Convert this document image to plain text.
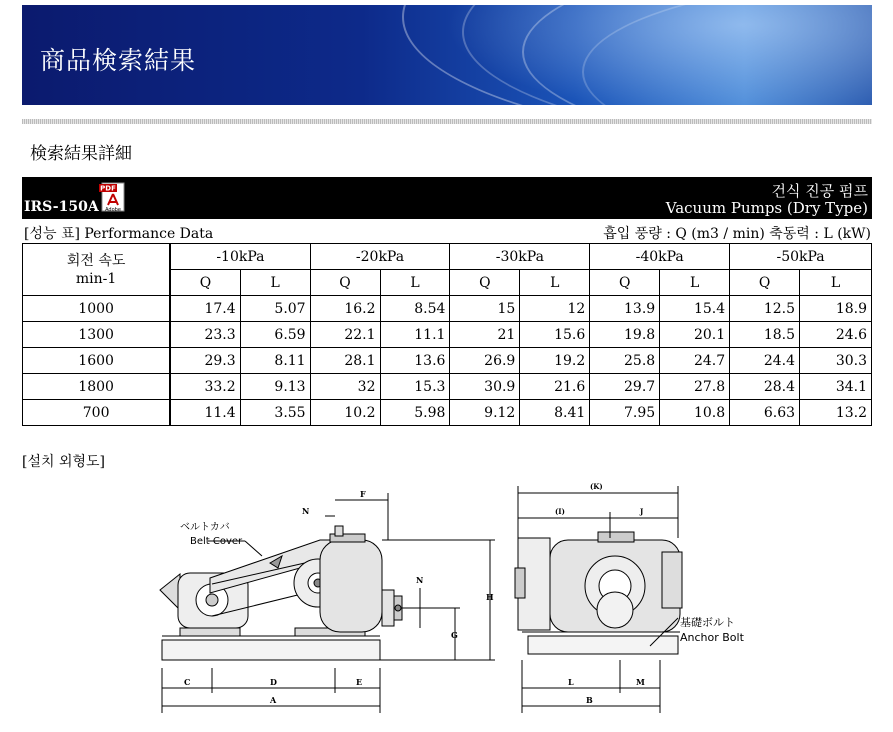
商品検索結果
検索結果詳細
IRS-150A
PDF
Adobe
건식 진공 펌프
Vacuum Pumps (Dry Type)
[성능 표] Performance Data	흡입 풍량 : Q (m3 / min) 축동력 : L (kW)
회전 속도
min-1	-10kPa		-20kPa		-30kPa		-40kPa		-50kPa	
	Q	L	Q	L	Q	L	Q	L	Q	L
1000	17.4	5.07	16.2	8.54	15	12	13.9	15.4	12.5	18.9
1300	23.3	6.59	22.1	11.1	21	15.6	19.8	20.1	18.5	24.6
1600	29.3	8.11	28.1	13.6	26.9	19.2	25.8	24.7	24.4	30.3
1800	33.2	9.13	32	15.3	30.9	21.6	29.7	27.8	28.4	34.1
700	11.4	3.55	10.2	5.98	9.12	8.41	7.95	10.8	6.63	13.2
[설치 외형도]
C	D	E
A
F
N
H
G
N
ベルトカバ
Belt Cover
(K)
(I)	J
L	M
B
基礎ボルト
Anchor Bolt
